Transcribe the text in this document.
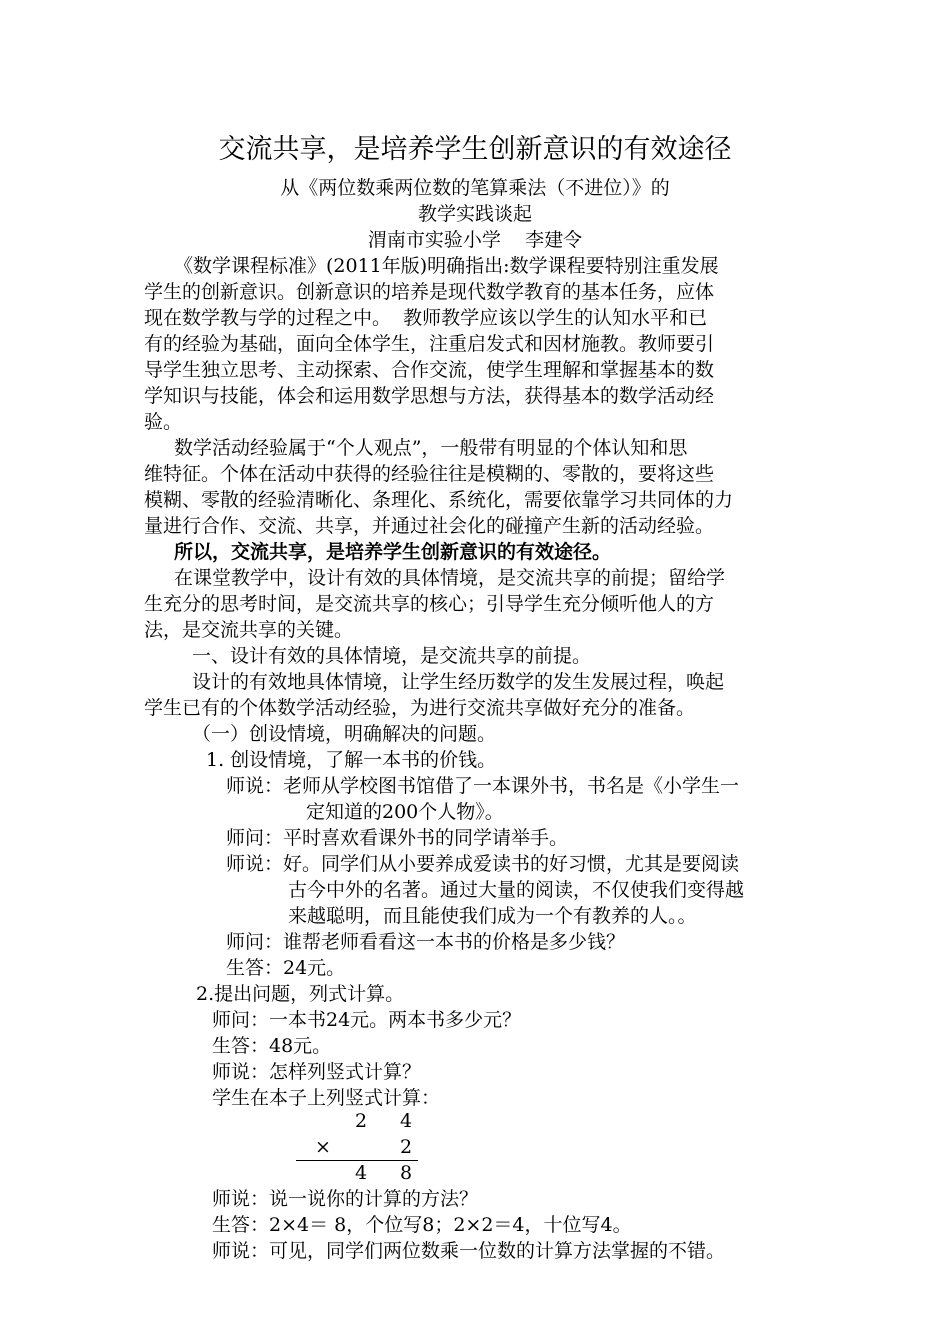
交流共享，是培养学生创新意识的有效途径
从《两位数乘两位数的笔算乘法（不进位）》的
教学实践谈起
渭南市实验小学    李建令
《数学课程标准》(2011年版)明确指出:数学课程要特别注重发展
学生的创新意识。创新意识的培养是现代数学教育的基本任务，应体
现在数学教与学的过程之中。  教师教学应该以学生的认知水平和已
有的经验为基础，面向全体学生，注重启发式和因材施教。教师要引
导学生独立思考、主动探索、合作交流，使学生理解和掌握基本的数
学知识与技能，体会和运用数学思想与方法，获得基本的数学活动经
验。
数学活动经验属于“个人观点”，一般带有明显的个体认知和思
维特征。个体在活动中获得的经验往往是模糊的、零散的，要将这些
模糊、零散的经验清晰化、条理化、系统化，需要依靠学习共同体的力
量进行合作、交流、共享，并通过社会化的碰撞产生新的活动经验。
所以，交流共享，是培养学生创新意识的有效途径。
在课堂教学中，设计有效的具体情境，是交流共享的前提；留给学
生充分的思考时间，是交流共享的核心；引导学生充分倾听他人的方
法，是交流共享的关键。
一、设计有效的具体情境，是交流共享的前提。
设计的有效地具体情境，让学生经历数学的发生发展过程，唤起
学生已有的个体数学活动经验，为进行交流共享做好充分的准备。
（一）创设情境，明确解决的问题。
1. 创设情境，了解一本书的价钱。
师说：老师从学校图书馆借了一本课外书，书名是《小学生一
定知道的200个人物》。
师问：平时喜欢看课外书的同学请举手。
师说：好。同学们从小要养成爱读书的好习惯，尤其是要阅读
古今中外的名著。通过大量的阅读，不仅使我们变得越
来越聪明，而且能使我们成为一个有教养的人。。
师问：谁帮老师看看这一本书的价格是多少钱？
生答：24元。
2.提出问题，列式计算。
师问：一本书24元。两本书多少元？
生答：48元。
师说：怎样列竖式计算？
学生在本子上列竖式计算：
2 4
×	2
4 8
师说：说一说你的计算的方法？
生答：2×4＝ 8，个位写8；2×2＝4，十位写4。
师说：可见，同学们两位数乘一位数的计算方法掌握的不错。
